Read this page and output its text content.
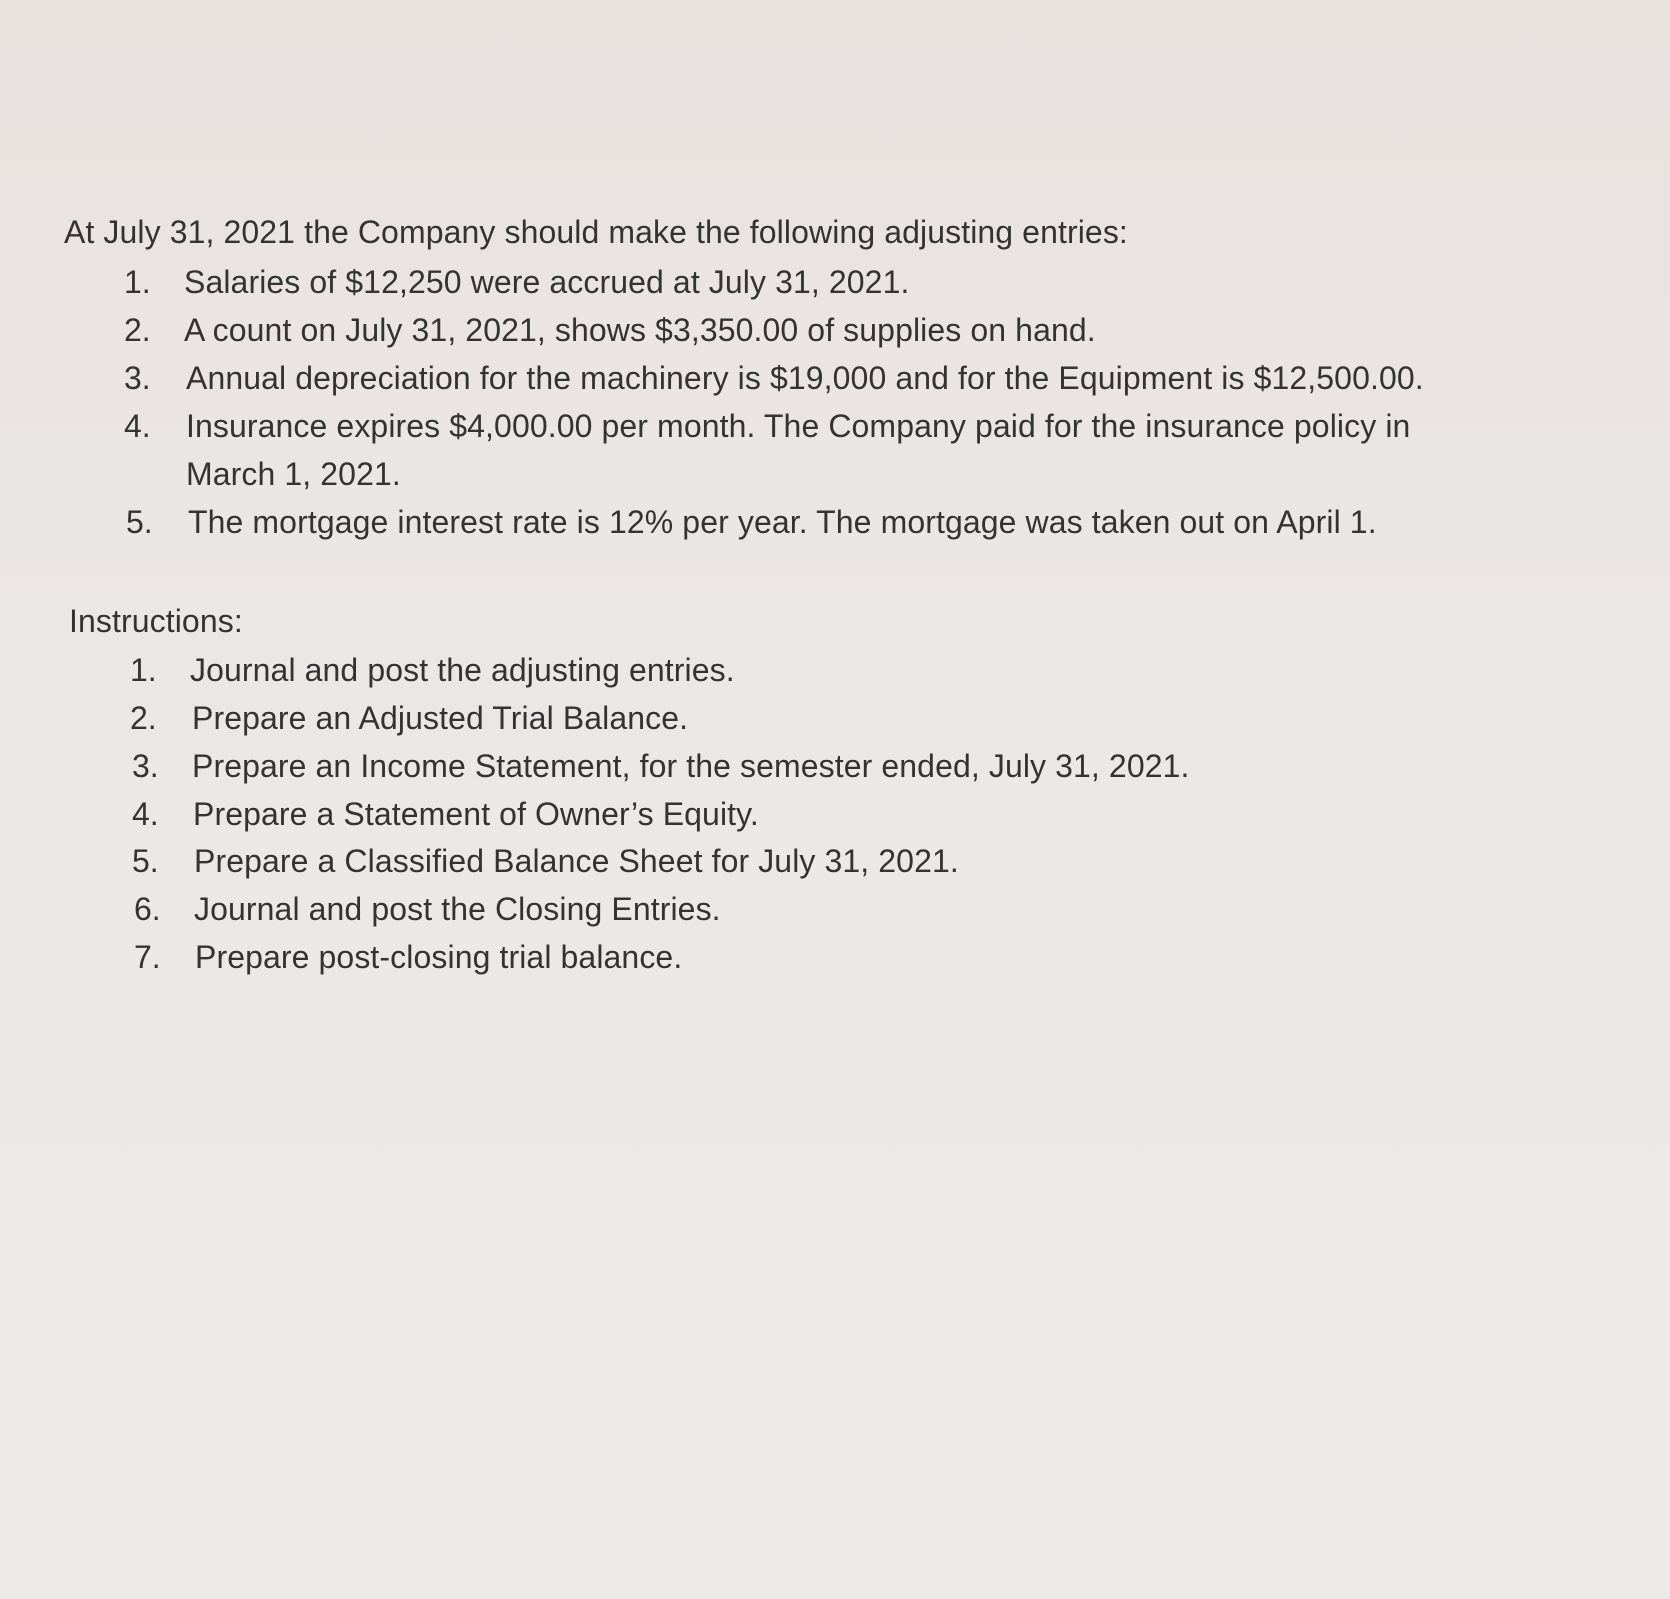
At July 31, 2021 the Company should make the following adjusting entries:
1. Salaries of $12,250 were accrued at July 31, 2021.
2. A count on July 31, 2021, shows $3,350.00 of supplies on hand.
3. Annual depreciation for the machinery is $19,000 and for the Equipment is $12,500.00.
4. Insurance expires $4,000.00 per month. The Company paid for the insurance policy in
March 1, 2021.
5. The mortgage interest rate is 12% per year. The mortgage was taken out on April 1.
Instructions:
1. Journal and post the adjusting entries.
2. Prepare an Adjusted Trial Balance.
3. Prepare an Income Statement, for the semester ended, July 31, 2021.
4. Prepare a Statement of Owner’s Equity.
5. Prepare a Classified Balance Sheet for July 31, 2021.
6. Journal and post the Closing Entries.
7. Prepare post-closing trial balance.
